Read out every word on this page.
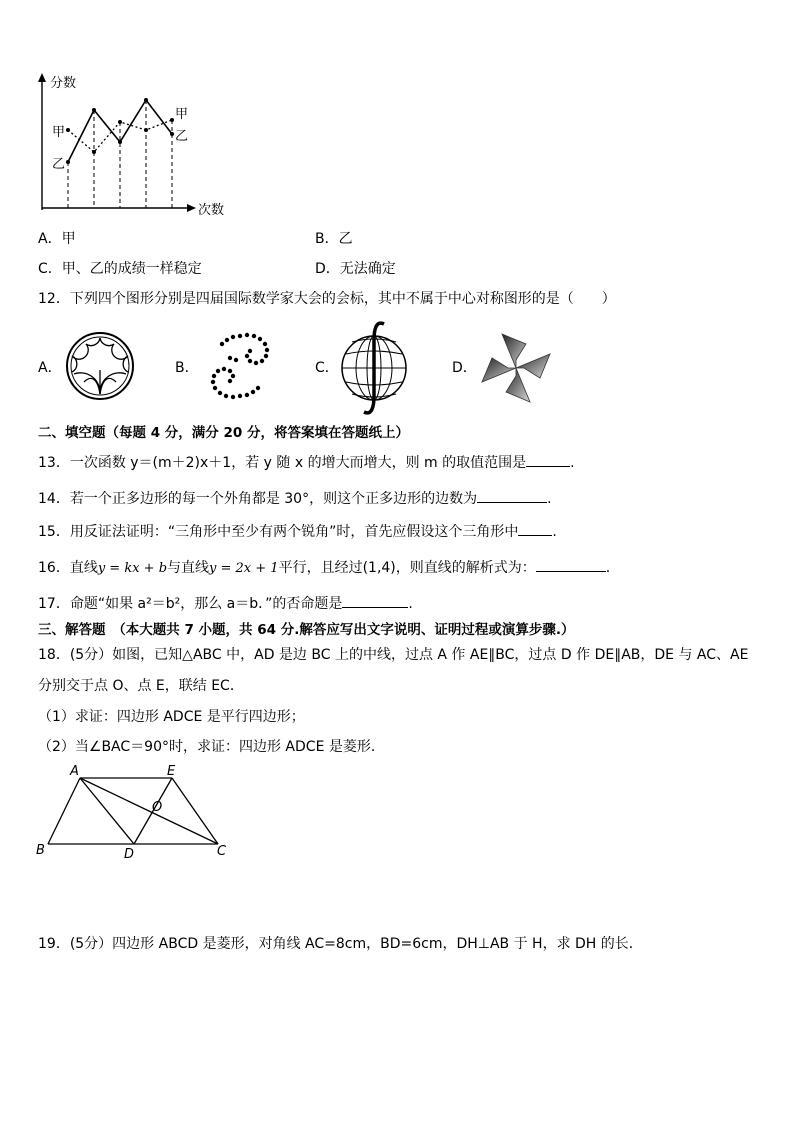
分数
次数
甲
乙
甲
乙
A．甲	B．乙
C．甲、乙的成绩一样稳定	D．无法确定
12．下列四个图形分别是四届国际数学家大会的会标，其中不属于中心对称图形的是（　　）
A．	B．	C．	D．
二、填空题（每题 4 分，满分 20 分，将答案填在答题纸上）
13．一次函数 y＝(m＋2)x＋1，若 y 随 x 的增大而增大，则 m 的取值范围是	.
14．若一个正多边形的每一个外角都是 30°，则这个正多边形的边数为	.
15．用反证法证明：“三角形中至少有两个锐角”时，首先应假设这个三角形中 .
16．直线y = kx + b与直线y = 2x + 1平行，且经过(1,4)，则直线的解析式为：	.
17．命题“如果 a²＝b²，那么 a＝b．”的否命题是	.
三、解答题　（本大题共 7 小题，共 64 分.解答应写出文字说明、证明过程或演算步骤.）
18．(5分）如图，已知△ABC 中，AD 是边 BC 上的中线，过点 A 作 AE∥BC，过点 D 作 DE∥AB，DE 与 AC、AE
分别交于点 O、点 E，联结 EC．
（1）求证：四边形 ADCE 是平行四边形；
（2）当∠BAC＝90°时，求证：四边形 ADCE 是菱形．
A	E
O
B	D	C
19．(5分）四边形 ABCD 是菱形，对角线 AC=8cm，BD=6cm，DH⊥AB 于 H，求 DH 的长．
